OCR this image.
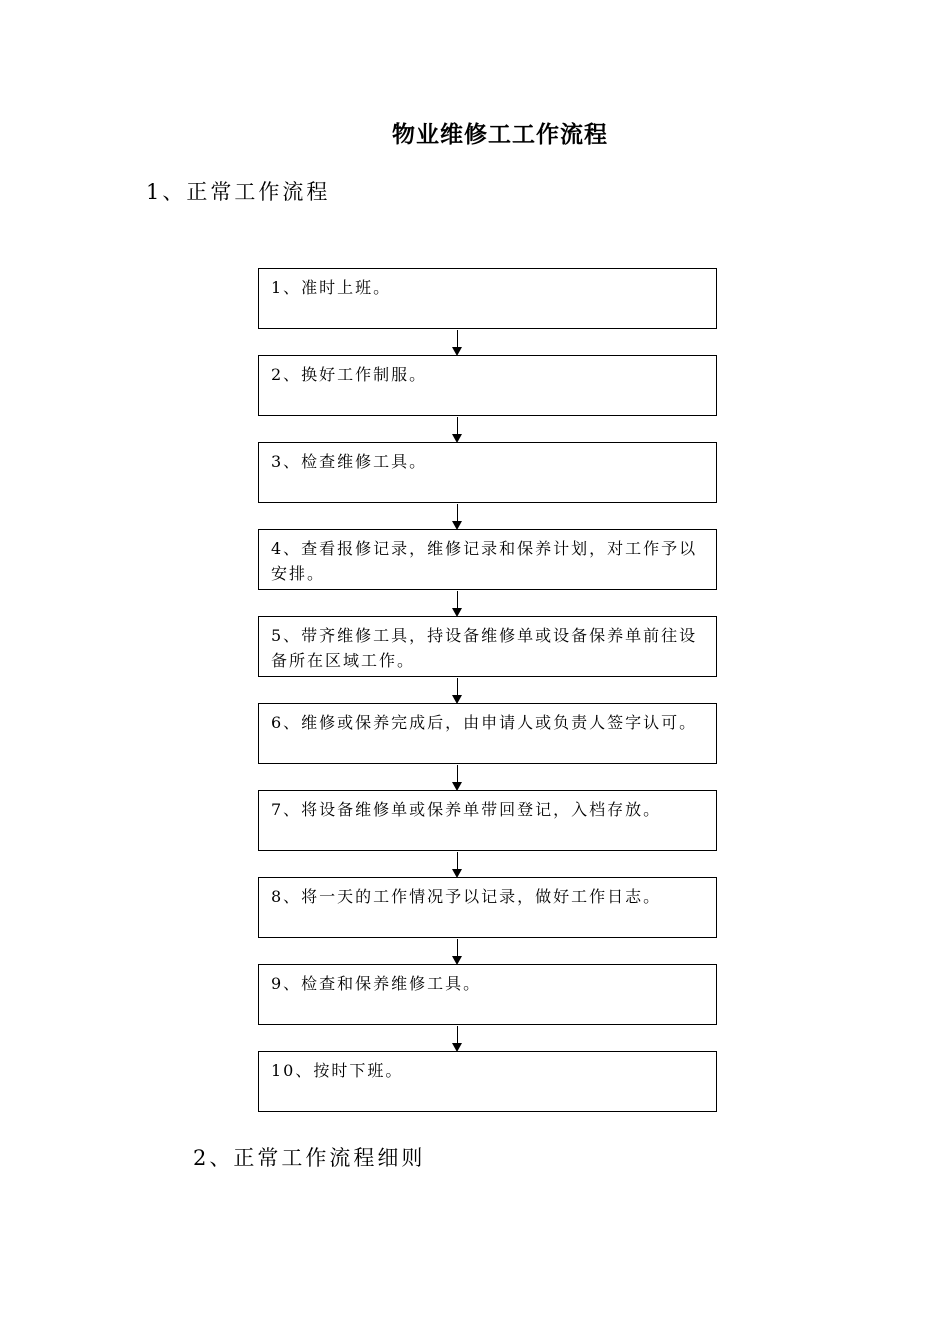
物业维修工工作流程
1、正常工作流程
1、准时上班。
2、换好工作制服。
3、检查维修工具。
4、查看报修记录，维修记录和保养计划，对工作予以安排。
5、带齐维修工具，持设备维修单或设备保养单前往设备所在区域工作。
6、维修或保养完成后，由申请人或负责人签字认可。
7、将设备维修单或保养单带回登记，入档存放。
8、将一天的工作情况予以记录，做好工作日志。
9、检查和保养维修工具。
10、按时下班。
2、正常工作流程细则
